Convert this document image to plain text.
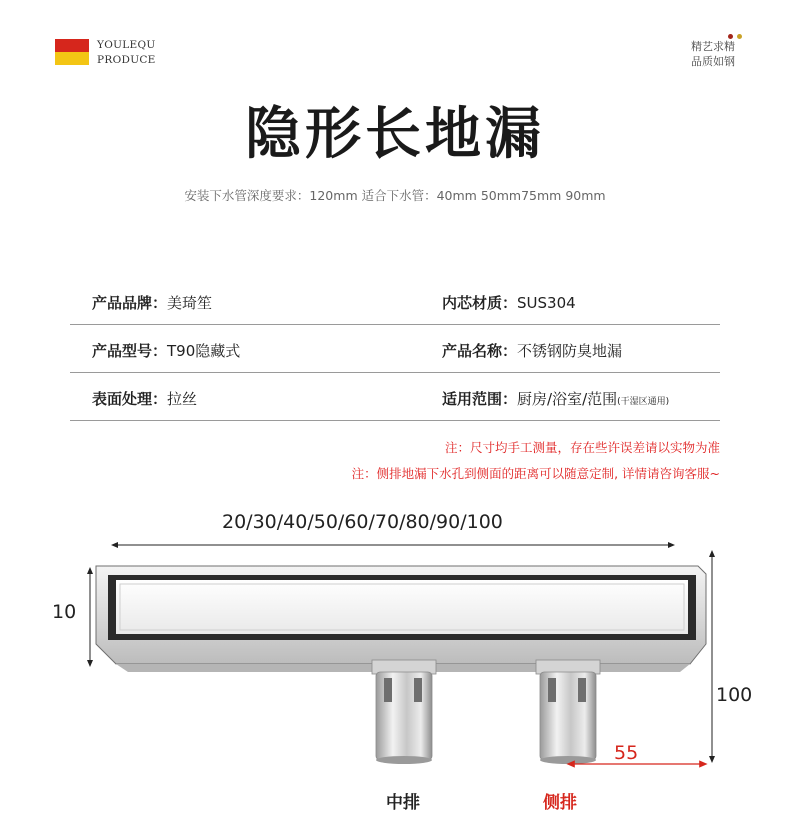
YOULEQU
PRODUCE
精艺求精
品质如钢
隐形长地漏
安装下水管深度要求：120mm 适合下水管：40mm 50mm75mm 90mm
产品品牌：美琦笙	内芯材质：SUS304
产品型号：T90隐藏式	产品名称：不锈钢防臭地漏
表面处理：拉丝	适用范围：厨房/浴室/范围(干湿区通用)
注：尺寸均手工测量，存在些许误差请以实物为准
注：侧排地漏下水孔到侧面的距离可以随意定制, 详情请咨询客服~
20/30/40/50/60/70/80/90/100
10
100
55
中排	侧排
